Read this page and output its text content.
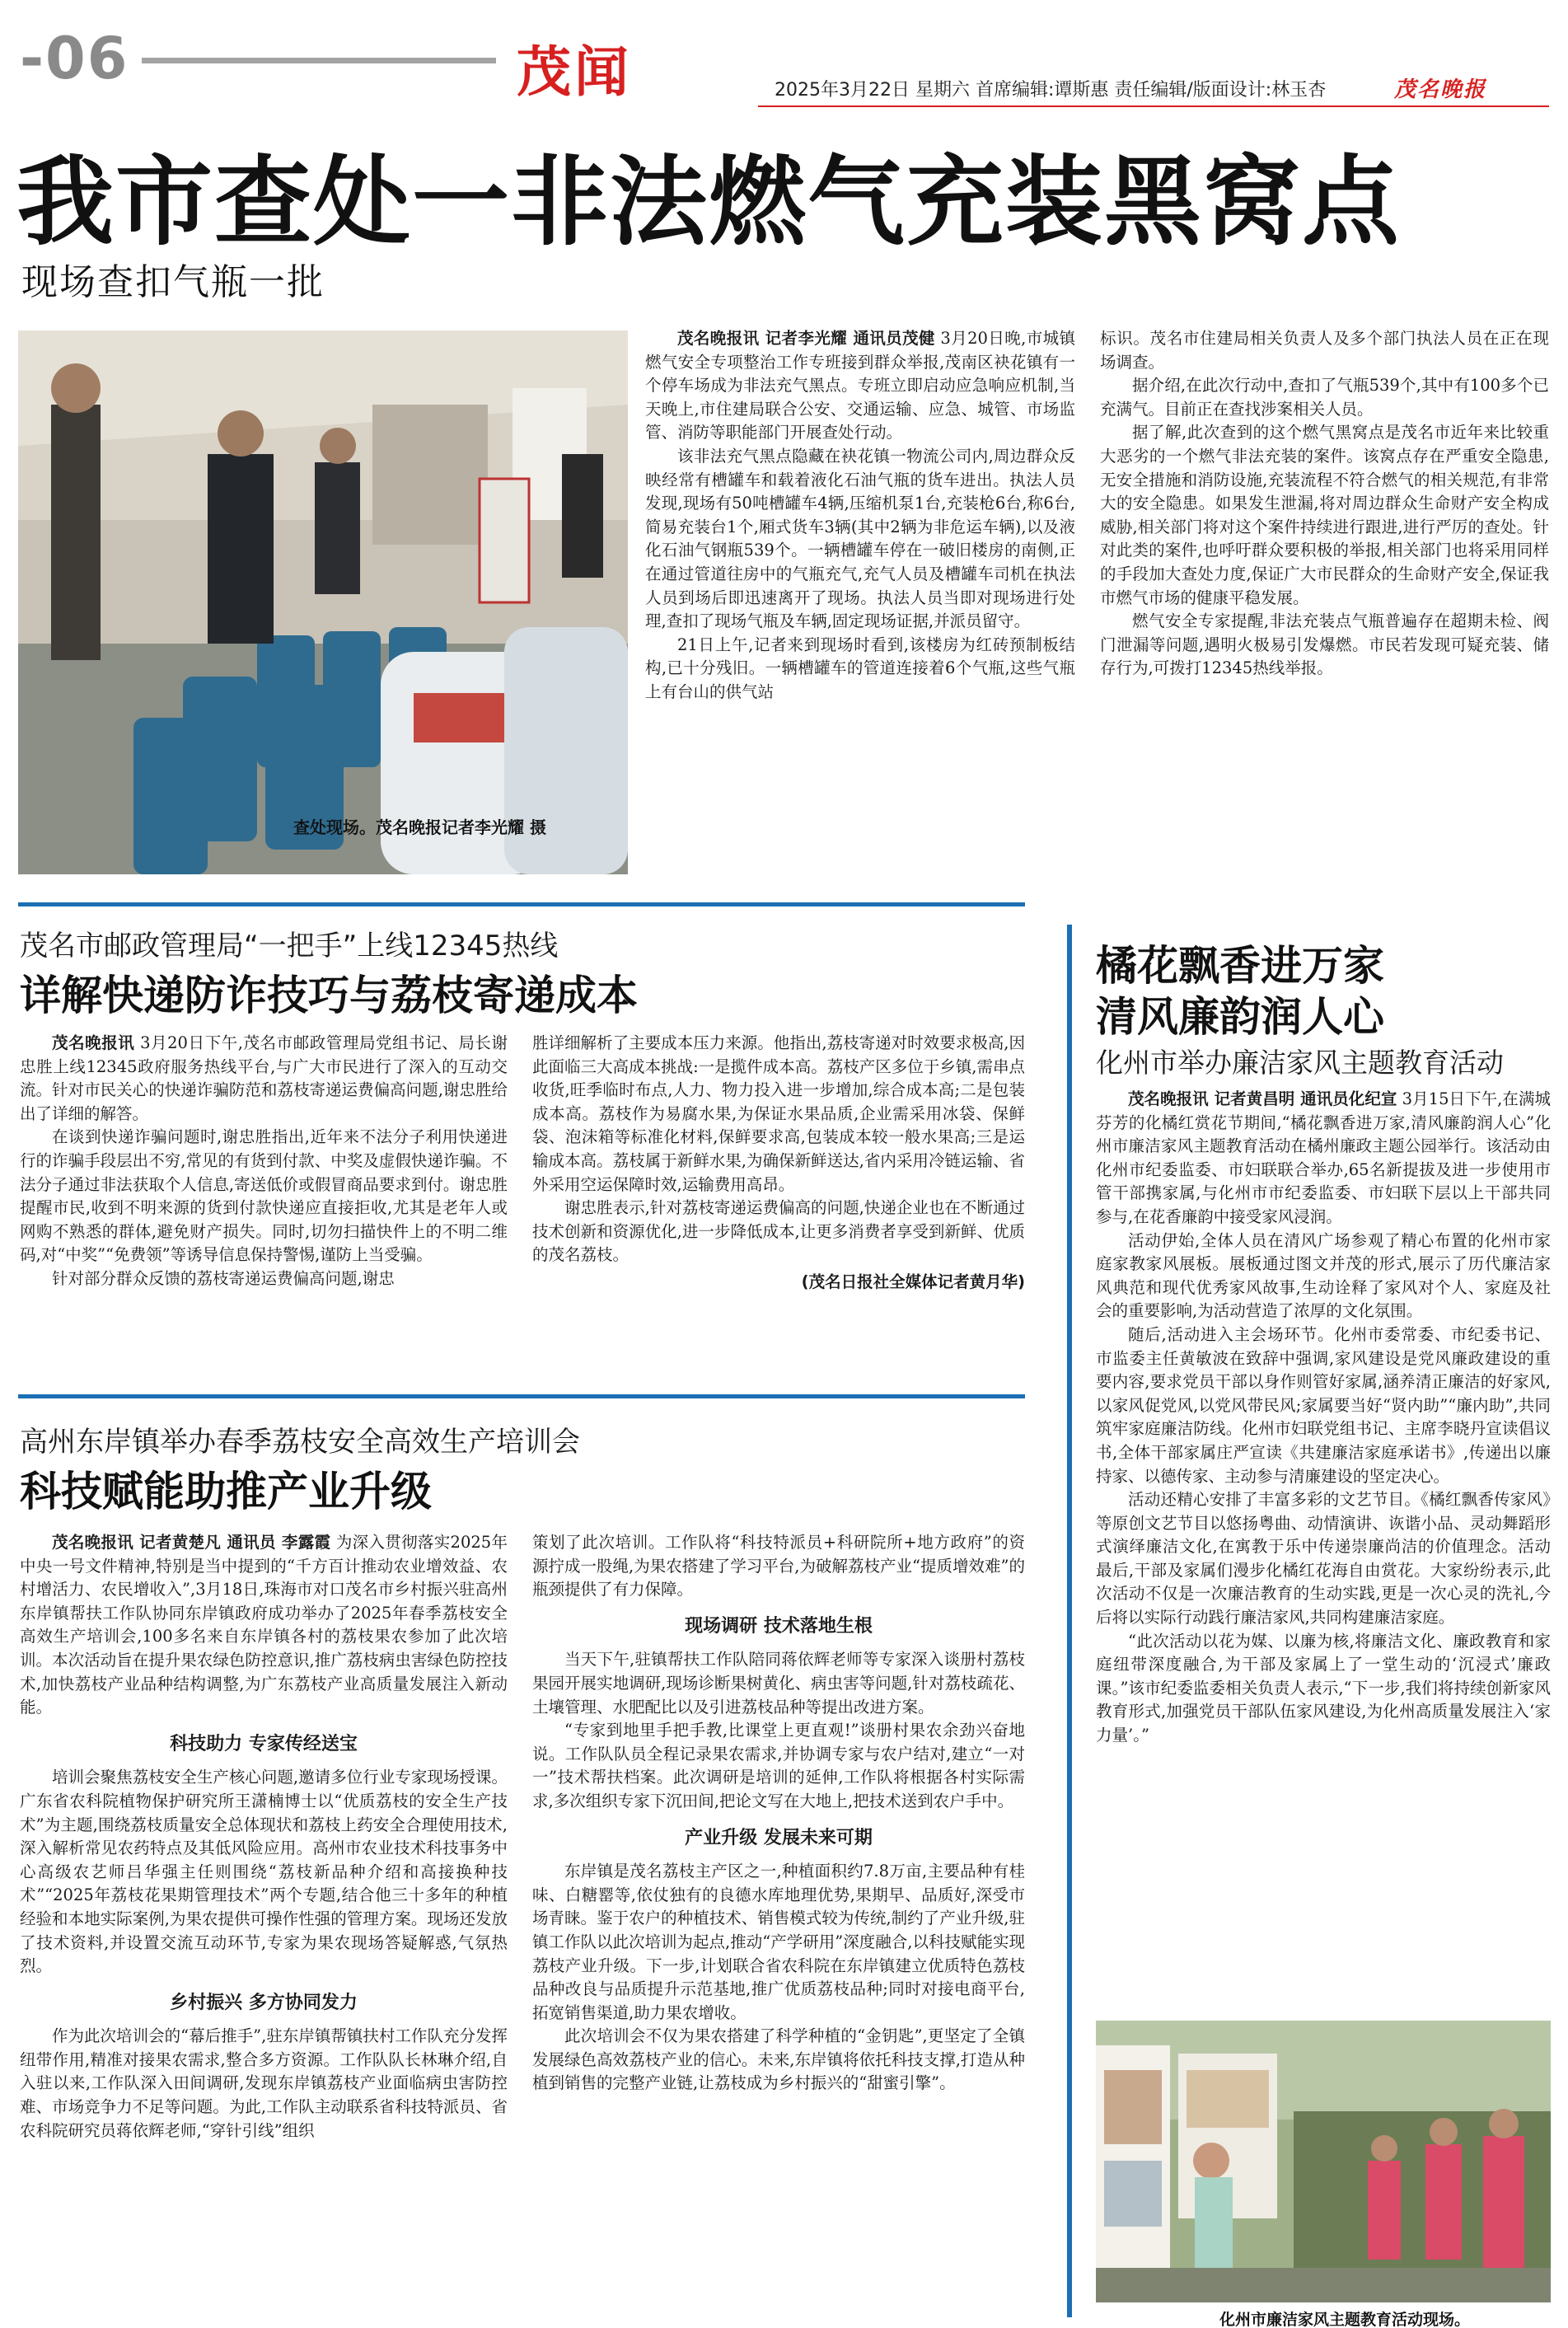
-06	茂闻	2025年3月22日 星期六 首席编辑:谭斯惠 责任编辑/版面设计:林玉杏	茂名晚报
我市查处一非法燃气充装黑窝点
现场查扣气瓶一批
查处现场。茂名晚报记者李光耀 摄

茂名晚报讯 记者李光耀 通讯员茂健 3月20日晚,市城镇燃气安全专项整治工作专班接到群众举报,茂南区袂花镇有一个停车场成为非法充气黑点。专班立即启动应急响应机制,当天晚上,市住建局联合公安、交通运输、应急、城管、市场监管、消防等职能部门开展查处行动。

该非法充气黑点隐藏在袂花镇一物流公司内,周边群众反映经常有槽罐车和载着液化石油气瓶的货车进出。执法人员发现,现场有50吨槽罐车4辆,压缩机泵1台,充装枪6台,称6台,简易充装台1个,厢式货车3辆(其中2辆为非危运车辆),以及液化石油气钢瓶539个。一辆槽罐车停在一破旧楼房的南侧,正在通过管道往房中的气瓶充气,充气人员及槽罐车司机在执法人员到场后即迅速离开了现场。执法人员当即对现场进行处理,查扣了现场气瓶及车辆,固定现场证据,并派员留守。

21日上午,记者来到现场时看到,该楼房为红砖预制板结构,已十分残旧。一辆槽罐车的管道连接着6个气瓶,这些气瓶上有台山的供气站

标识。茂名市住建局相关负责人及多个部门执法人员在正在现场调查。

据介绍,在此次行动中,查扣了气瓶539个,其中有100多个已充满气。目前正在查找涉案相关人员。

据了解,此次查到的这个燃气黑窝点是茂名市近年来比较重大恶劣的一个燃气非法充装的案件。该窝点存在严重安全隐患,无安全措施和消防设施,充装流程不符合燃气的相关规范,有非常大的安全隐患。如果发生泄漏,将对周边群众生命财产安全构成威胁,相关部门将对这个案件持续进行跟进,进行严厉的查处。针对此类的案件,也呼吁群众要积极的举报,相关部门也将采用同样的手段加大查处力度,保证广大市民群众的生命财产安全,保证我市燃气市场的健康平稳发展。

燃气安全专家提醒,非法充装点气瓶普遍存在超期未检、阀门泄漏等问题,遇明火极易引发爆燃。市民若发现可疑充装、储存行为,可拨打12345热线举报。

茂名市邮政管理局“一把手”上线12345热线
详解快递防诈技巧与荔枝寄递成本

茂名晚报讯 3月20日下午,茂名市邮政管理局党组书记、局长谢忠胜上线12345政府服务热线平台,与广大市民进行了深入的互动交流。针对市民关心的快递诈骗防范和荔枝寄递运费偏高问题,谢忠胜给出了详细的解答。

在谈到快递诈骗问题时,谢忠胜指出,近年来不法分子利用快递进行的诈骗手段层出不穷,常见的有货到付款、中奖及虚假快递诈骗。不法分子通过非法获取个人信息,寄送低价或假冒商品要求到付。谢忠胜提醒市民,收到不明来源的货到付款快递应直接拒收,尤其是老年人或网购不熟悉的群体,避免财产损失。同时,切勿扫描快件上的不明二维码,对“中奖”“免费领”等诱导信息保持警惕,谨防上当受骗。

针对部分群众反馈的荔枝寄递运费偏高问题,谢忠

胜详细解析了主要成本压力来源。他指出,荔枝寄递对时效要求极高,因此面临三大高成本挑战:一是揽件成本高。荔枝产区多位于乡镇,需串点收货,旺季临时布点,人力、物力投入进一步增加,综合成本高;二是包装成本高。荔枝作为易腐水果,为保证水果品质,企业需采用冰袋、保鲜袋、泡沫箱等标准化材料,保鲜要求高,包装成本较一般水果高;三是运输成本高。荔枝属于新鲜水果,为确保新鲜送达,省内采用冷链运输、省外采用空运保障时效,运输费用高昂。

谢忠胜表示,针对荔枝寄递运费偏高的问题,快递企业也在不断通过技术创新和资源优化,进一步降低成本,让更多消费者享受到新鲜、优质的茂名荔枝。

(茂名日报社全媒体记者黄月华)

高州东岸镇举办春季荔枝安全高效生产培训会
科技赋能助推产业升级

茂名晚报讯 记者黄楚凡 通讯员 李露霞 为深入贯彻落实2025年中央一号文件精神,特别是当中提到的“千方百计推动农业增效益、农村增活力、农民增收入”,3月18日,珠海市对口茂名市乡村振兴驻高州东岸镇帮扶工作队协同东岸镇政府成功举办了2025年春季荔枝安全高效生产培训会,100多名来自东岸镇各村的荔枝果农参加了此次培训。本次活动旨在提升果农绿色防控意识,推广荔枝病虫害绿色防控技术,加快荔枝产业品种结构调整,为广东荔枝产业高质量发展注入新动能。

科技助力 专家传经送宝

培训会聚焦荔枝安全生产核心问题,邀请多位行业专家现场授课。广东省农科院植物保护研究所王潇楠博士以“优质荔枝的安全生产技术”为主题,围绕荔枝质量安全总体现状和荔枝上药安全合理使用技术,深入解析常见农药特点及其低风险应用。高州市农业技术科技事务中心高级农艺师吕华强主任则围绕“荔枝新品种介绍和高接换种技术”“2025年荔枝花果期管理技术”两个专题,结合他三十多年的种植经验和本地实际案例,为果农提供可操作性强的管理方案。现场还发放了技术资料,并设置交流互动环节,专家为果农现场答疑解惑,气氛热烈。

乡村振兴 多方协同发力

作为此次培训会的“幕后推手”,驻东岸镇帮镇扶村工作队充分发挥纽带作用,精准对接果农需求,整合多方资源。工作队队长林琳介绍,自入驻以来,工作队深入田间调研,发现东岸镇荔枝产业面临病虫害防控难、市场竞争力不足等问题。为此,工作队主动联系省科技特派员、省农科院研究员蒋依辉老师,“穿针引线”组织

策划了此次培训。工作队将“科技特派员+科研院所+地方政府”的资源拧成一股绳,为果农搭建了学习平台,为破解荔枝产业“提质增效难”的瓶颈提供了有力保障。

现场调研 技术落地生根

当天下午,驻镇帮扶工作队陪同蒋依辉老师等专家深入谈册村荔枝果园开展实地调研,现场诊断果树黄化、病虫害等问题,针对荔枝疏花、土壤管理、水肥配比以及引进荔枝品种等提出改进方案。

“专家到地里手把手教,比课堂上更直观!”谈册村果农余劲兴奋地说。工作队队员全程记录果农需求,并协调专家与农户结对,建立“一对一”技术帮扶档案。此次调研是培训的延伸,工作队将根据各村实际需求,多次组织专家下沉田间,把论文写在大地上,把技术送到农户手中。

产业升级 发展未来可期

东岸镇是茂名荔枝主产区之一,种植面积约7.8万亩,主要品种有桂味、白糖罂等,依仗独有的良德水库地理优势,果期早、品质好,深受市场青睐。鉴于农户的种植技术、销售模式较为传统,制约了产业升级,驻镇工作队以此次培训为起点,推动“产学研用”深度融合,以科技赋能实现荔枝产业升级。下一步,计划联合省农科院在东岸镇建立优质特色荔枝品种改良与品质提升示范基地,推广优质荔枝品种;同时对接电商平台,拓宽销售渠道,助力果农增收。

此次培训会不仅为果农搭建了科学种植的“金钥匙”,更坚定了全镇发展绿色高效荔枝产业的信心。未来,东岸镇将依托科技支撑,打造从种植到销售的完整产业链,让荔枝成为乡村振兴的“甜蜜引擎”。

橘花飘香进万家
清风廉韵润人心
化州市举办廉洁家风主题教育活动

茂名晚报讯 记者黄昌明 通讯员化纪宣 3月15日下午,在满城芬芳的化橘红赏花节期间,“橘花飘香进万家,清风廉韵润人心”化州市廉洁家风主题教育活动在橘州廉政主题公园举行。该活动由化州市纪委监委、市妇联联合举办,65名新提拔及进一步使用市管干部携家属,与化州市市纪委监委、市妇联下层以上干部共同参与,在花香廉韵中接受家风浸润。

活动伊始,全体人员在清风广场参观了精心布置的化州市家庭家教家风展板。展板通过图文并茂的形式,展示了历代廉洁家风典范和现代优秀家风故事,生动诠释了家风对个人、家庭及社会的重要影响,为活动营造了浓厚的文化氛围。

随后,活动进入主会场环节。化州市委常委、市纪委书记、市监委主任黄敏波在致辞中强调,家风建设是党风廉政建设的重要内容,要求党员干部以身作则管好家属,涵养清正廉洁的好家风,以家风促党风,以党风带民风;家属要当好“贤内助”“廉内助”,共同筑牢家庭廉洁防线。化州市妇联党组书记、主席李晓丹宣读倡议书,全体干部家属庄严宣读《共建廉洁家庭承诺书》,传递出以廉持家、以德传家、主动参与清廉建设的坚定决心。

活动还精心安排了丰富多彩的文艺节目。《橘红飘香传家风》等原创文艺节目以悠扬粤曲、动情演讲、诙谐小品、灵动舞蹈形式演绎廉洁文化,在寓教于乐中传递崇廉尚洁的价值理念。活动最后,干部及家属们漫步化橘红花海自由赏花。大家纷纷表示,此次活动不仅是一次廉洁教育的生动实践,更是一次心灵的洗礼,今后将以实际行动践行廉洁家风,共同构建廉洁家庭。

“此次活动以花为媒、以廉为核,将廉洁文化、廉政教育和家庭纽带深度融合,为干部及家属上了一堂生动的‘沉浸式’廉政课。”该市纪委监委相关负责人表示,“下一步,我们将持续创新家风教育形式,加强党员干部队伍家风建设,为化州高质量发展注入‘家力量’。”

化州市廉洁家风主题教育活动现场。
